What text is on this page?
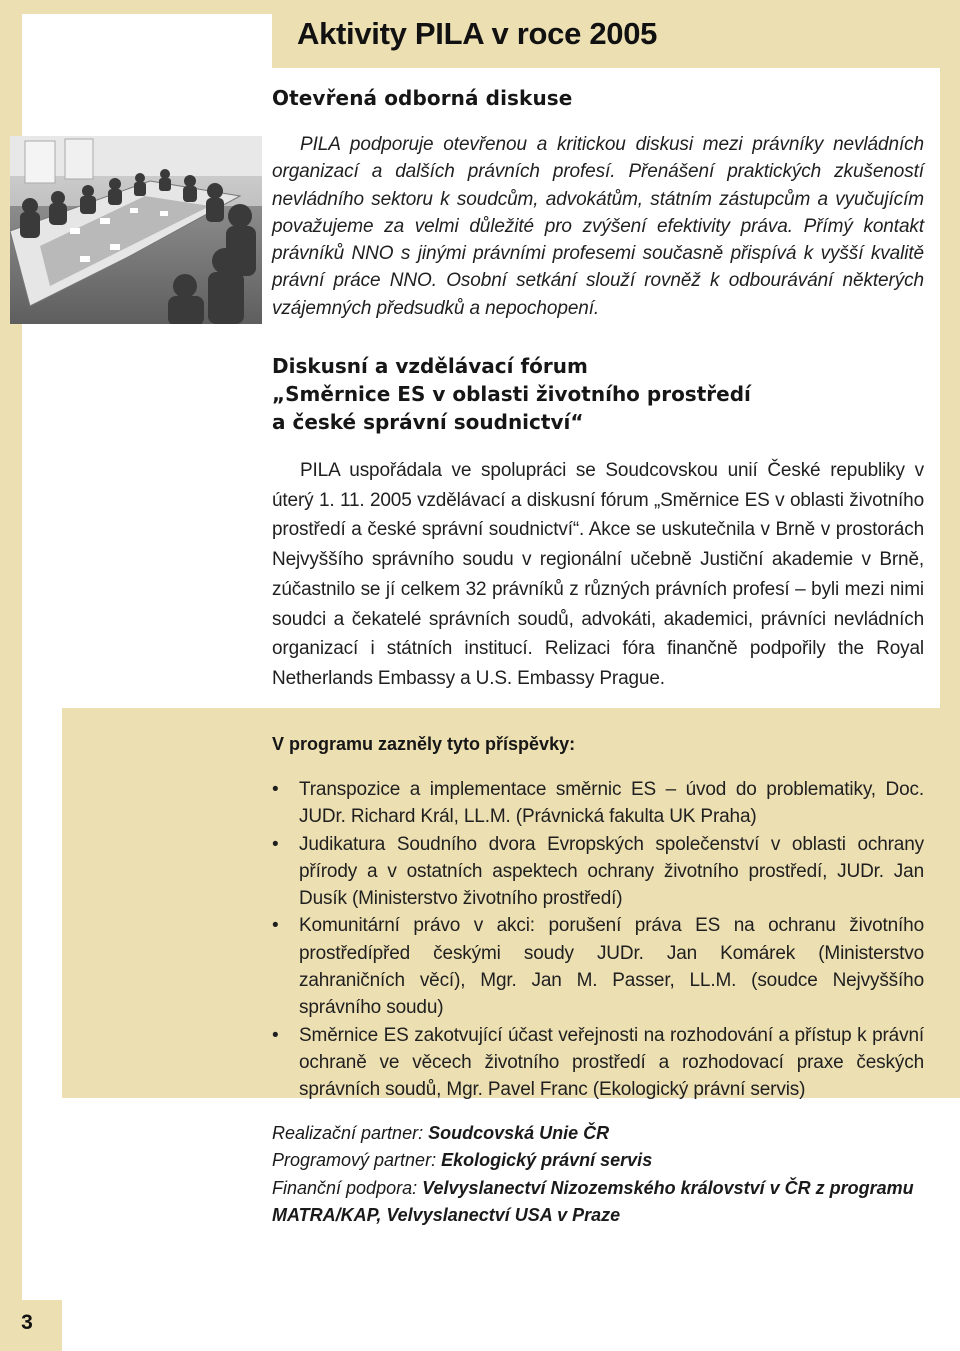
Aktivity PILA v roce 2005
Otevřená odborná diskuse

PILA podporuje otevřenou a kritickou diskusi mezi právníky nevládních organizací a dalších právních profesí. Přenášení praktických zkušeností nevládního sektoru k soudcům, advokátům, státním zástupcům a vyučujícím považujeme za velmi důležité pro zvýšení efektivity práva. Přímý kontakt právníků NNO s jinými právními profesemi současně přispívá k vyšší kvalitě právní práce NNO. Osobní setkání slouží rovněž k odbourávání některých vzájemných předsudků a nepochopení.

Diskusní a vzdělávací fórum
„Směrnice ES v oblasti životního prostředí
a české správní soudnictví“

PILA uspořádala ve spolupráci se Soudcovskou unií České republiky v úterý 1. 11. 2005 vzdělávací a diskusní fórum „Směrnice ES v oblasti životního prostředí a české správní soudnictví“. Akce se uskutečnila v Brně v prostorách Nejvyššího správního soudu v regionální učebně Justiční akademie v Brně, zúčastnilo se jí celkem 32 právníků z různých právních profesí – byli mezi nimi soudci a čekatelé správních soudů, advokáti, akademici, právníci nevládních organizací i státních institucí. Relizaci fóra finančně podpořily the Royal Netherlands Embassy a U.S. Embassy Prague.

V programu zazněly tyto příspěvky:
• Transpozice a implementace směrnic ES – úvod do problematiky, Doc. JUDr. Richard Král, LL.M. (Právnická fakulta UK Praha)
• Judikatura Soudního dvora Evropských společenství v oblasti ochrany přírody a v ostatních aspektech ochrany životního prostředí, JUDr. Jan Dusík (Ministerstvo životního prostředí)
• Komunitární právo v akci: porušení práva ES na ochranu životního prostředípřed českými soudy JUDr. Jan Komárek (Ministerstvo zahraničních věcí), Mgr. Jan M. Passer, LL.M. (soudce Nejvyššího správního soudu)
• Směrnice ES zakotvující účast veřejnosti na rozhodování a přístup k právní ochraně ve věcech životního prostředí a rozhodovací praxe českých správních soudů, Mgr. Pavel Franc (Ekologický právní servis)
Realizační partner: Soudcovská Unie ČR
Programový partner: Ekologický právní servis
Finanční podpora: Velvyslanectví Nizozemského království v ČR z programu MATRA/KAP, Velvyslanectví USA v Praze
3
